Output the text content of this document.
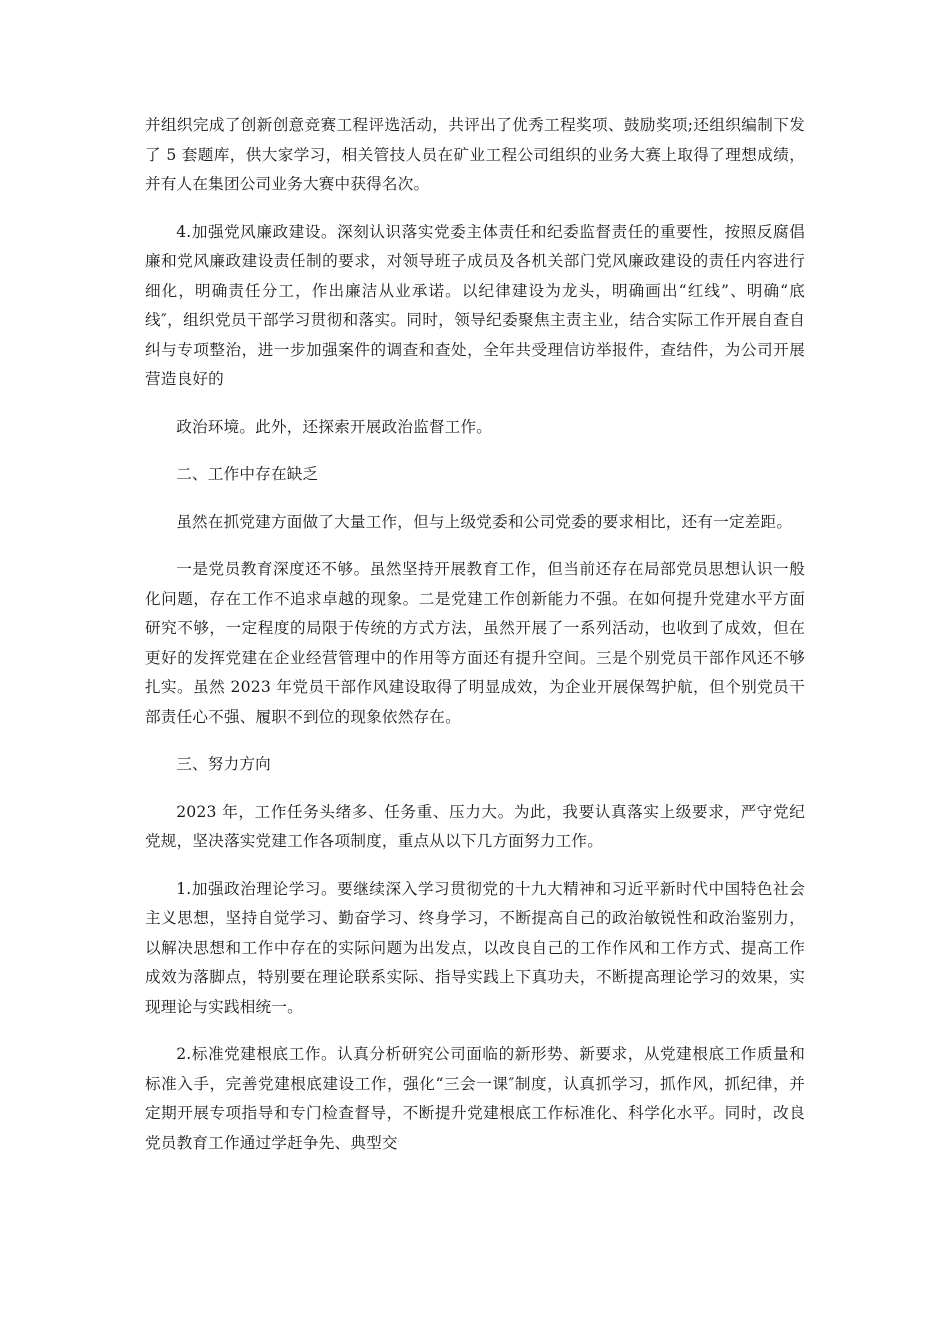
并组织完成了创新创意竞赛工程评选活动，共评出了优秀工程奖项、鼓励奖项;还组织编制下发了 5 套题库，供大家学习，相关管技人员在矿业工程公司组织的业务大赛上取得了理想成绩，并有人在集团公司业务大赛中获得名次。

4.加强党风廉政建设。深刻认识落实党委主体责任和纪委监督责任的重要性，按照反腐倡廉和党风廉政建设责任制的要求，对领导班子成员及各机关部门党风廉政建设的责任内容进行细化，明确责任分工，作出廉洁从业承诺。以纪律建设为龙头，明确画出“红线”、明确“底线″，组织党员干部学习贯彻和落实。同时，领导纪委聚焦主责主业，结合实际工作开展自查自纠与专项整治，进一步加强案件的调查和查处，全年共受理信访举报件，查结件，为公司开展营造良好的

政治环境。此外，还探索开展政治监督工作。

二、工作中存在缺乏

虽然在抓党建方面做了大量工作，但与上级党委和公司党委的要求相比，还有一定差距。

一是党员教育深度还不够。虽然坚持开展教育工作，但当前还存在局部党员思想认识一般化问题，存在工作不追求卓越的现象。二是党建工作创新能力不强。在如何提升党建水平方面研究不够，一定程度的局限于传统的方式方法，虽然开展了一系列活动，也收到了成效，但在更好的发挥党建在企业经营管理中的作用等方面还有提升空间。三是个别党员干部作风还不够扎实。虽然 2023 年党员干部作风建设取得了明显成效，为企业开展保驾护航，但个别党员干部责任心不强、履职不到位的现象依然存在。

三、努力方向

2023 年，工作任务头绪多、任务重、压力大。为此，我要认真落实上级要求，严守党纪党规，坚决落实党建工作各项制度，重点从以下几方面努力工作。

1.加强政治理论学习。要继续深入学习贯彻党的十九大精神和习近平新时代中国特色社会主义思想，坚持自觉学习、勤奋学习、终身学习，不断提高自己的政治敏锐性和政治鉴别力，以解决思想和工作中存在的实际问题为出发点，以改良自己的工作作风和工作方式、提高工作成效为落脚点，特别要在理论联系实际、指导实践上下真功夫，不断提高理论学习的效果，实现理论与实践相统一。

2.标准党建根底工作。认真分析研究公司面临的新形势、新要求，从党建根底工作质量和标准入手，完善党建根底建设工作，强化“三会一课″制度，认真抓学习，抓作风，抓纪律，并定期开展专项指导和专门检查督导，不断提升党建根底工作标准化、科学化水平。同时，改良党员教育工作通过学赶争先、典型交
